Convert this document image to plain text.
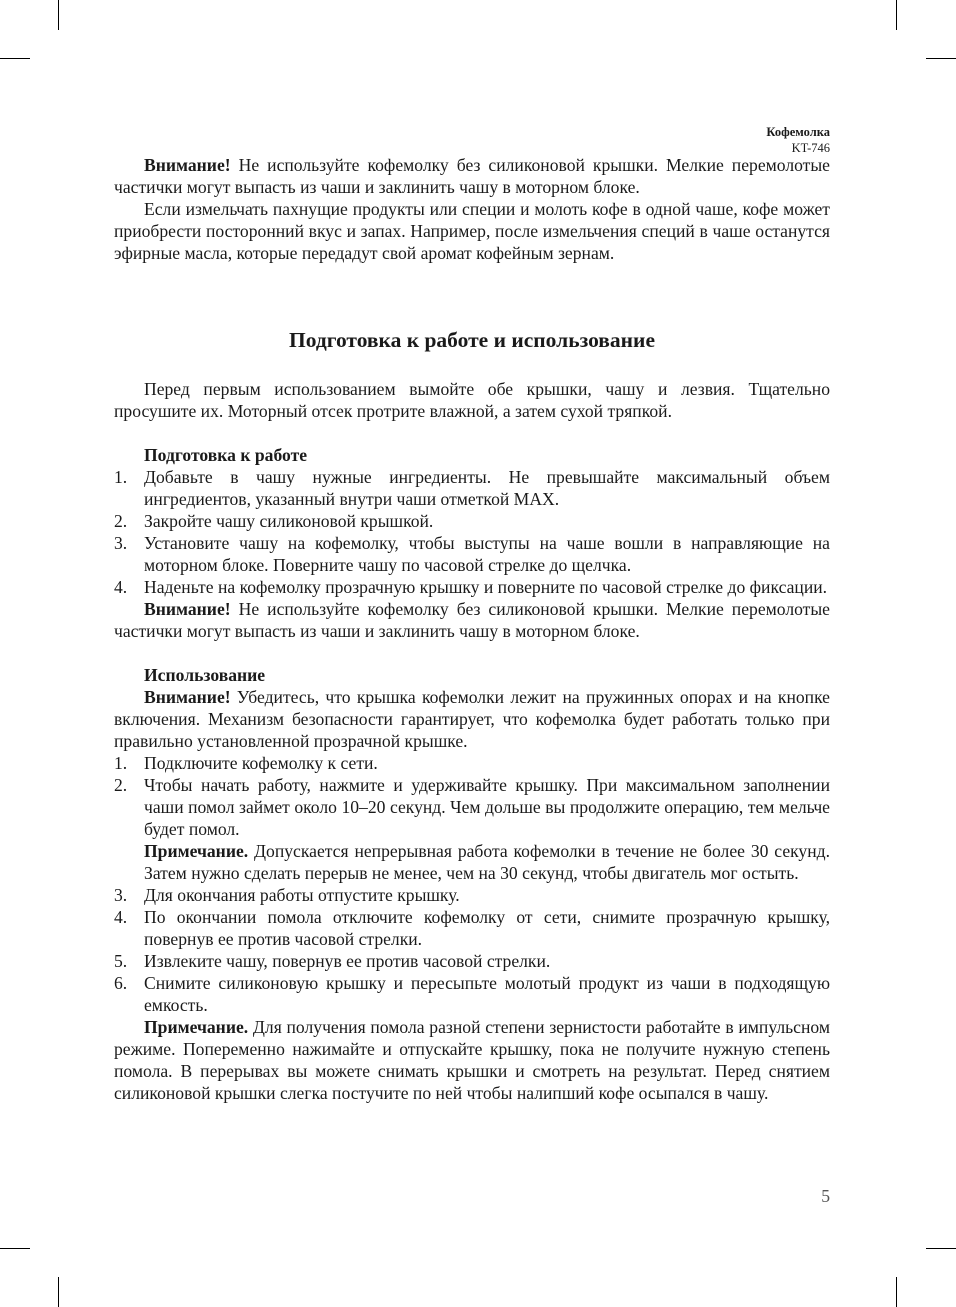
Кофемолка
KT-746

Внимание! Не используйте кофемолку без силиконовой крышки. Мелкие перемолотые частички могут выпасть из чаши и заклинить чашу в моторном блоке.

Если измельчать пахнущие продукты или специи и молоть кофе в одной чаше, кофе может приобрести посторонний вкус и запах. Например, после измельчения специй в чаше останутся эфирные масла, которые передадут свой аромат кофейным зернам.

Подготовка к работе и использование

Перед первым использованием вымойте обе крышки, чашу и лезвия. Тщательно просушите их. Моторный отсек протрите влажной, а затем сухой тряпкой.

Подготовка к работе
1. Добавьте в чашу нужные ингредиенты. Не превышайте максимальный объем ингредиентов, указанный внутри чаши отметкой MAX.
2. Закройте чашу силиконовой крышкой.
3. Установите чашу на кофемолку, чтобы выступы на чаше вошли в направляющие на моторном блоке. Поверните чашу по часовой стрелке до щелчка.
4. Наденьте на кофемолку прозрачную крышку и поверните по часовой стрелке до фиксации.

Внимание! Не используйте кофемолку без силиконовой крышки. Мелкие перемолотые частички могут выпасть из чаши и заклинить чашу в моторном блоке.

Использование

Внимание! Убедитесь, что крышка кофемолки лежит на пружинных опорах и на кнопке включения. Механизм безопасности гарантирует, что кофемолка будет работать только при правильно установленной прозрачной крышке.

1. Подключите кофемолку к сети.
2. Чтобы начать работу, нажмите и удерживайте крышку. При максимальном заполнении чаши помол займет около 10–20 секунд. Чем дольше вы продолжите операцию, тем мельче будет помол.
Примечание. Допускается непрерывная работа кофемолки в течение не более 30 секунд. Затем нужно сделать перерыв не менее, чем на 30 секунд, чтобы двигатель мог остыть.
3. Для окончания работы отпустите крышку.
4. По окончании помола отключите кофемолку от сети, снимите прозрачную крышку, повернув ее против часовой стрелки.
5. Извлеките чашу, повернув ее против часовой стрелки.
6. Снимите силиконовую крышку и пересыпьте молотый продукт из чаши в подходящую емкость.

Примечание. Для получения помола разной степени зернистости работайте в импульсном режиме. Попеременно нажимайте и отпускайте крышку, пока не получите нужную степень помола. В перерывах вы можете снимать крышки и смотреть на результат. Перед снятием силиконовой крышки слегка постучите по ней чтобы налипший кофе осыпался в чашу.

5
